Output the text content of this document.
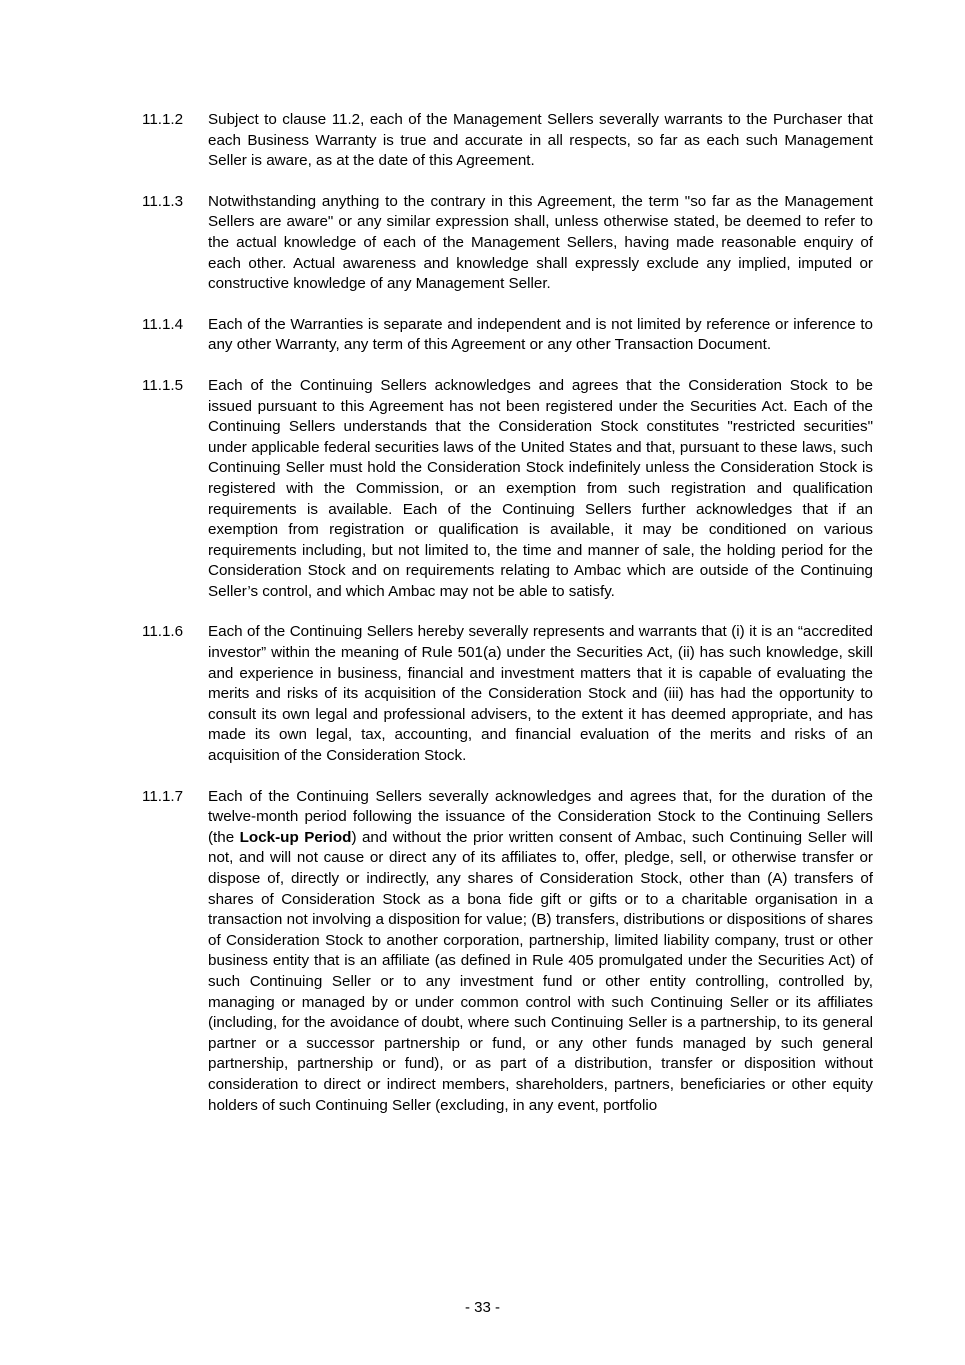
11.1.2	Subject to clause 11.2, each of the Management Sellers severally warrants to the Purchaser that each Business Warranty is true and accurate in all respects, so far as each such Management Seller is aware, as at the date of this Agreement.
11.1.3	Notwithstanding anything to the contrary in this Agreement, the term "so far as the Management Sellers are aware" or any similar expression shall, unless otherwise stated, be deemed to refer to the actual knowledge of each of the Management Sellers, having made reasonable enquiry of each other. Actual awareness and knowledge shall expressly exclude any implied, imputed or constructive knowledge of any Management Seller.
11.1.4	Each of the Warranties is separate and independent and is not limited by reference or inference to any other Warranty, any term of this Agreement or any other Transaction Document.
11.1.5	Each of the Continuing Sellers acknowledges and agrees that the Consideration Stock to be issued pursuant to this Agreement has not been registered under the Securities Act. Each of the Continuing Sellers understands that the Consideration Stock constitutes "restricted securities" under applicable federal securities laws of the United States and that, pursuant to these laws, such Continuing Seller must hold the Consideration Stock indefinitely unless the Consideration Stock is registered with the Commission, or an exemption from such registration and qualification requirements is available. Each of the Continuing Sellers further acknowledges that if an exemption from registration or qualification is available, it may be conditioned on various requirements including, but not limited to, the time and manner of sale, the holding period for the Consideration Stock and on requirements relating to Ambac which are outside of the Continuing Seller’s control, and which Ambac may not be able to satisfy.
11.1.6	Each of the Continuing Sellers hereby severally represents and warrants that (i) it is an “accredited investor” within the meaning of Rule 501(a) under the Securities Act, (ii) has such knowledge, skill and experience in business, financial and investment matters that it is capable of evaluating the merits and risks of its acquisition of the Consideration Stock and (iii) has had the opportunity to consult its own legal and professional advisers, to the extent it has deemed appropriate, and has made its own legal, tax, accounting, and financial evaluation of the merits and risks of an acquisition of the Consideration Stock.
11.1.7	Each of the Continuing Sellers severally acknowledges and agrees that, for the duration of the twelve-month period following the issuance of the Consideration Stock to the Continuing Sellers (the Lock-up Period) and without the prior written consent of Ambac, such Continuing Seller will not, and will not cause or direct any of its affiliates to, offer, pledge, sell, or otherwise transfer or dispose of, directly or indirectly, any shares of Consideration Stock, other than (A) transfers of shares of Consideration Stock as a bona fide gift or gifts or to a charitable organisation in a transaction not involving a disposition for value; (B) transfers, distributions or dispositions of shares of Consideration Stock to another corporation, partnership, limited liability company, trust or other business entity that is an affiliate (as defined in Rule 405 promulgated under the Securities Act) of such Continuing Seller or to any investment fund or other entity controlling, controlled by, managing or managed by or under common control with such Continuing Seller or its affiliates (including, for the avoidance of doubt, where such Continuing Seller is a partnership, to its general partner or a successor partnership or fund, or any other funds managed by such general partnership, partnership or fund), or as part of a distribution, transfer or disposition without consideration to direct or indirect members, shareholders, partners, beneficiaries or other equity holders of such Continuing Seller (excluding, in any event, portfolio
- 33 -
